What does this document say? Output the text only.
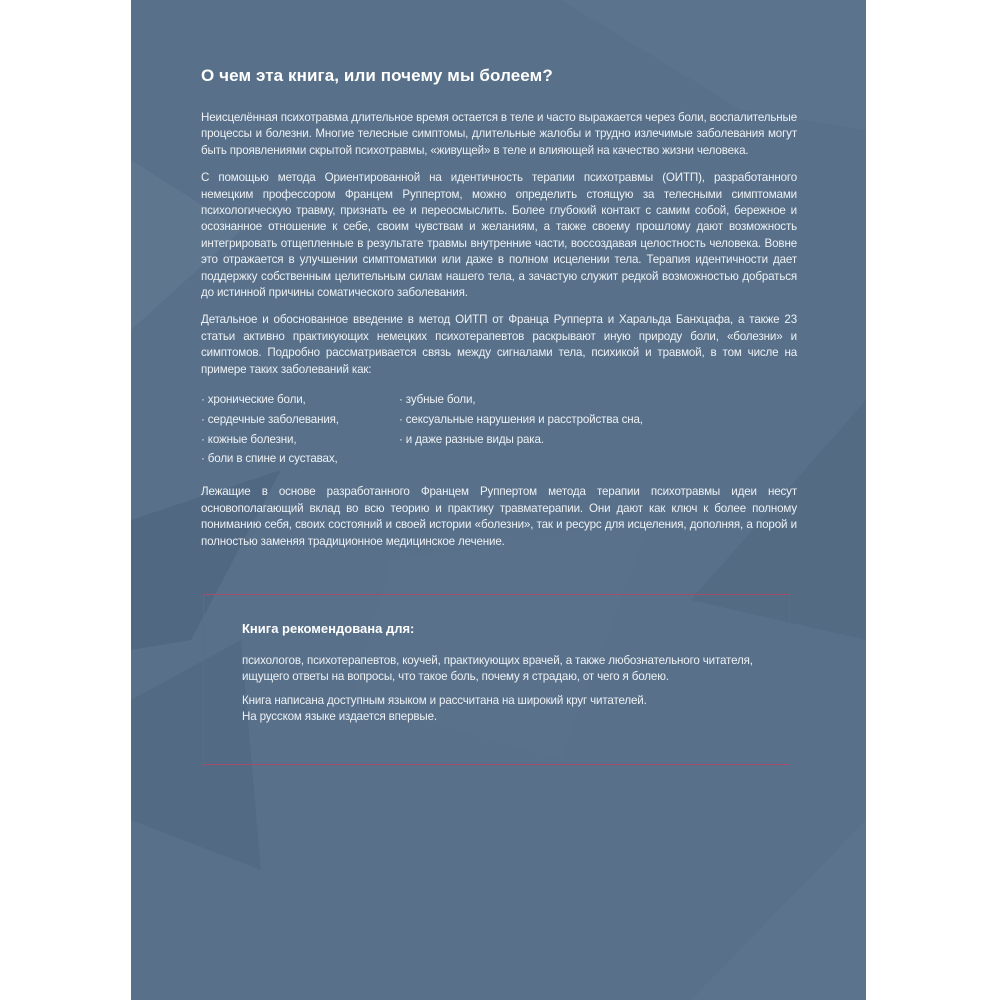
О чем эта книга, или почему мы болеем?

Неисцелённая психотравма длительное время остается в теле и часто выражается через боли, воспалительные процессы и болезни. Многие телесные симптомы, длительные жалобы и трудно излечимые заболевания могут быть проявлениями скрытой психотравмы, «живущей» в теле и влияющей на качество жизни человека.

С помощью метода Ориентированной на идентичность терапии психотравмы (ОИТП), разработанного немецким профессором Францем Руппертом, можно определить стоящую за телесными симптомами психологическую травму, признать ее и переосмыслить. Более глубокий контакт с самим собой, бережное и осознанное отношение к себе, своим чувствам и желаниям, а также своему прошлому дают возможность интегрировать отщепленные в результате травмы внутренние части, воссоздавая целостность человека. Вовне это отражается в улучшении симптоматики или даже в полном исцелении тела. Терапия идентичности дает поддержку собственным целительным силам нашего тела, а зачастую служит редкой возможностью добраться до истинной причины соматического заболевания.

Детальное и обоснованное введение в метод ОИТП от Франца Рупперта и Харальда Банхцафа, а также 23 статьи активно практикующих немецких психотерапевтов раскрывают иную природу боли, «болезни» и симптомов. Подробно рассматривается связь между сигналами тела, психикой и травмой, в том числе на примере таких заболеваний как:

· хронические боли,
· сердечные заболевания,
· кожные болезни,
· боли в спине и суставах,
· зубные боли,
· сексуальные нарушения и расстройства сна,
· и даже разные виды рака.

Лежащие в основе разработанного Францем Руппертом метода терапии психотравмы идеи несут основополагающий вклад во всю теорию и практику травматерапии. Они дают как ключ к более полному пониманию себя, своих состояний и своей истории «болезни», так и ресурс для исцеления, дополняя, а порой и полностью заменяя традиционное медицинское лечение.

Книга рекомендована для:

психологов, психотерапевтов, коучей, практикующих врачей, а также любознательного читателя,
ищущего ответы на вопросы, что такое боль, почему я страдаю, от чего я болею.

Книга написана доступным языком и рассчитана на широкий круг читателей.
На русском языке издается впервые.
